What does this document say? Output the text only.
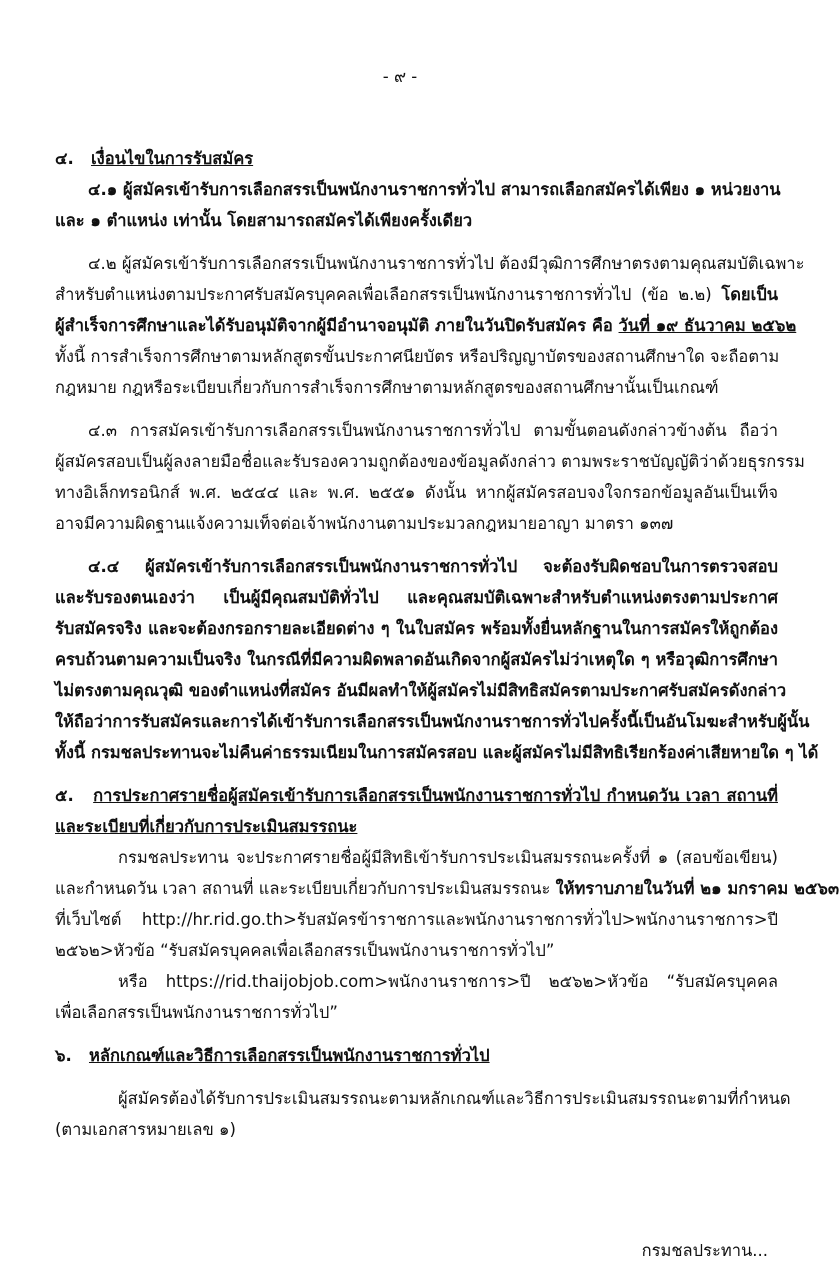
- ๙ -
๔. เงื่อนไขในการรับสมัคร
๔.๑ ผู้สมัครเข้ารับการเลือกสรรเป็นพนักงานราชการทั่วไป สามารถเลือกสมัครได้เพียง ๑ หน่วยงาน
และ ๑ ตำแหน่ง เท่านั้น โดยสามารถสมัครได้เพียงครั้งเดียว
๔.๒ ผู้สมัครเข้ารับการเลือกสรรเป็นพนักงานราชการทั่วไป ต้องมีวุฒิการศึกษาตรงตามคุณสมบัติเฉพาะ
สำหรับตำแหน่งตามประกาศรับสมัครบุคคลเพื่อเลือกสรรเป็นพนักงานราชการทั่วไป (ข้อ ๒.๒) โดยเป็น
ผู้สำเร็จการศึกษาและได้รับอนุมัติจากผู้มีอำนาจอนุมัติ ภายในวันปิดรับสมัคร คือ วันที่ ๑๙ ธันวาคม ๒๕๖๒
ทั้งนี้ การสำเร็จการศึกษาตามหลักสูตรขั้นประกาศนียบัตร หรือปริญญาบัตรของสถานศึกษาใด จะถือตาม
กฎหมาย กฎหรือระเบียบเกี่ยวกับการสำเร็จการศึกษาตามหลักสูตรของสถานศึกษานั้นเป็นเกณฑ์
๔.๓ การสมัครเข้ารับการเลือกสรรเป็นพนักงานราชการทั่วไป ตามขั้นตอนดังกล่าวข้างต้น ถือว่า
ผู้สมัครสอบเป็นผู้ลงลายมือชื่อและรับรองความถูกต้องของข้อมูลดังกล่าว ตามพระราชบัญญัติว่าด้วยธุรกรรม
ทางอิเล็กทรอนิกส์ พ.ศ. ๒๕๔๔ และ พ.ศ. ๒๕๕๑ ดังนั้น หากผู้สมัครสอบจงใจกรอกข้อมูลอันเป็นเท็จ
อาจมีความผิดฐานแจ้งความเท็จต่อเจ้าพนักงานตามประมวลกฎหมายอาญา มาตรา ๑๓๗
๔.๔ ผู้สมัครเข้ารับการเลือกสรรเป็นพนักงานราชการทั่วไป จะต้องรับผิดชอบในการตรวจสอบ
และรับรองตนเองว่า เป็นผู้มีคุณสมบัติทั่วไป และคุณสมบัติเฉพาะสำหรับตำแหน่งตรงตามประกาศ
รับสมัครจริง และจะต้องกรอกรายละเอียดต่าง ๆ ในใบสมัคร พร้อมทั้งยื่นหลักฐานในการสมัครให้ถูกต้อง
ครบถ้วนตามความเป็นจริง ในกรณีที่มีความผิดพลาดอันเกิดจากผู้สมัครไม่ว่าเหตุใด ๆ หรือวุฒิการศึกษา
ไม่ตรงตามคุณวุฒิ ของตำแหน่งที่สมัคร อันมีผลทำให้ผู้สมัครไม่มีสิทธิสมัครตามประกาศรับสมัครดังกล่าว
ให้ถือว่าการรับสมัครและการได้เข้ารับการเลือกสรรเป็นพนักงานราชการทั่วไปครั้งนี้เป็นอันโมฆะสำหรับผู้นั้น
ทั้งนี้ กรมชลประทานจะไม่คืนค่าธรรมเนียมในการสมัครสอบ และผู้สมัครไม่มีสิทธิเรียกร้องค่าเสียหายใด ๆ ได้
๕. การประกาศรายชื่อผู้สมัครเข้ารับการเลือกสรรเป็นพนักงานราชการทั่วไป กำหนดวัน เวลา สถานที่
และระเบียบที่เกี่ยวกับการประเมินสมรรถนะ
กรมชลประทาน จะประกาศรายชื่อผู้มีสิทธิเข้ารับการประเมินสมรรถนะครั้งที่ ๑ (สอบข้อเขียน)
และกำหนดวัน เวลา สถานที่ และระเบียบเกี่ยวกับการประเมินสมรรถนะ ให้ทราบภายในวันที่ ๒๑ มกราคม ๒๕๖๓
ที่เว็บไซต์ http://hr.rid.go.th>รับสมัครข้าราชการและพนักงานราชการทั่วไป>พนักงานราชการ>ปี
๒๕๖๒>หัวข้อ “รับสมัครบุคคลเพื่อเลือกสรรเป็นพนักงานราชการทั่วไป”
หรือ https://rid.thaijobjob.com>พนักงานราชการ>ปี ๒๕๖๒>หัวข้อ “รับสมัครบุคคล
เพื่อเลือกสรรเป็นพนักงานราชการทั่วไป”
๖. หลักเกณฑ์และวิธีการเลือกสรรเป็นพนักงานราชการทั่วไป
ผู้สมัครต้องได้รับการประเมินสมรรถนะตามหลักเกณฑ์และวิธีการประเมินสมรรถนะตามที่กำหนด
(ตามเอกสารหมายเลข ๑)
กรมชลประทาน...
